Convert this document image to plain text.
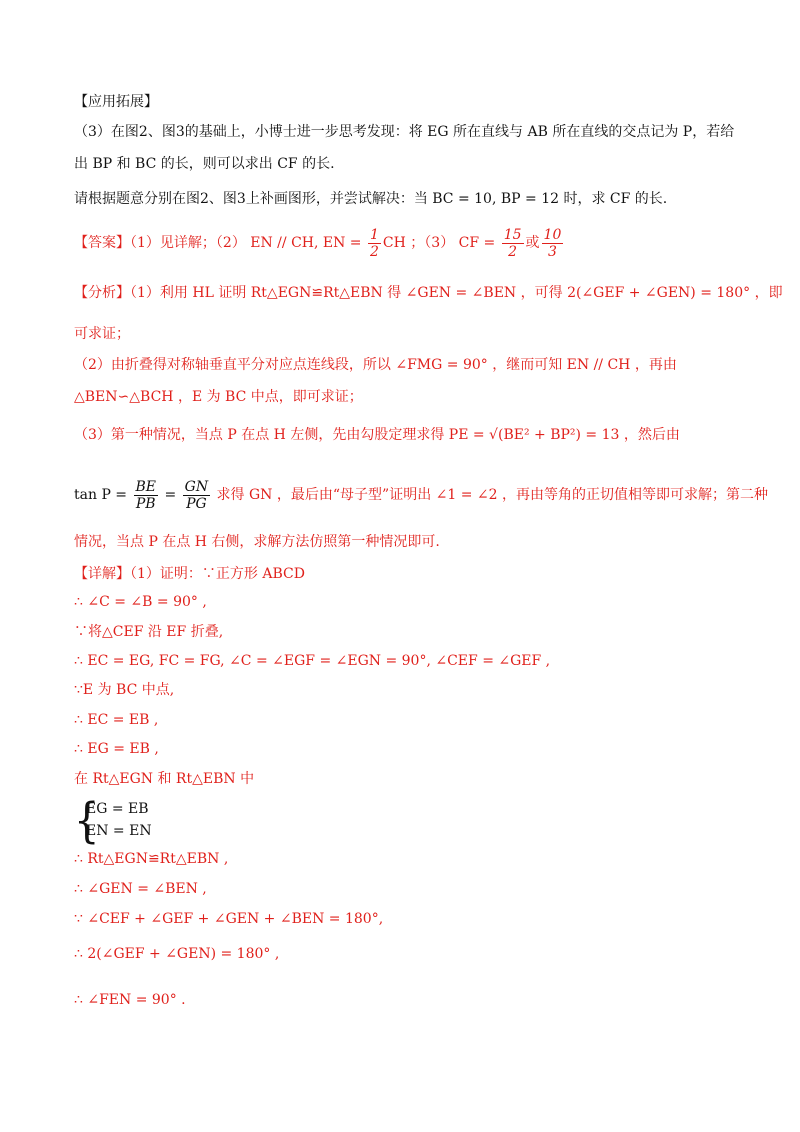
【应用拓展】
（3）在图2、图3的基础上，小博士进一步思考发现：将 EG 所在直线与 AB 所在直线的交点记为 P，若给
出 BP 和 BC 的长，则可以求出 CF 的长.
请根据题意分别在图2、图3上补画图形，并尝试解决：当 BC = 10, BP = 12 时，求 CF 的长.
【答案】（1）见详解；（2） EN // CH, EN = $\frac{1}{2}$ CH ；（3） CF = $\frac{15}{2}$ 或 $\frac{10}{3}$
【分析】（1）利用 HL 证明 Rt△EGN≌Rt△EBN 得 ∠GEN = ∠BEN ，可得 2(∠GEF + ∠GEN) = 180° ，即
可求证；
（2）由折叠得对称轴垂直平分对应点连线段，所以 ∠FMG = 90° ，继而可知 EN // CH ，再由
△BEN∽△BCH ，E 为 BC 中点，即可求证；
（3）第一种情况，当点 P 在点 H 左侧，先由勾股定理求得 PE = √(BE² + BP²) = 13 ，然后由
$\tan P = \frac{BE}{PB} = \frac{GN}{PG}$ 求得 GN ，最后由“母子型”证明出 ∠1 = ∠2 ，再由等角的正切值相等即可求解；第二种
情况，当点 P 在点 H 右侧，求解方法仿照第一种情况即可.
【详解】（1）证明：∵正方形 ABCD
∴ ∠C = ∠B = 90° ,
∵将△CEF 沿 EF 折叠,
∴ EC = EG, FC = FG, ∠C = ∠EGF = ∠EGN = 90°, ∠CEF = ∠GEF ,
∵E 为 BC 中点,
∴ EC = EB ,
∴ EG = EB ,
在 Rt△EGN 和 Rt△EBN 中
{
EG = EB
EN = EN
∴ Rt△EGN≌Rt△EBN ,
∴ ∠GEN = ∠BEN ,
∵ ∠CEF + ∠GEF + ∠GEN + ∠BEN = 180°,
∴ 2(∠GEF + ∠GEN) = 180° ,
∴ ∠FEN = 90° .
